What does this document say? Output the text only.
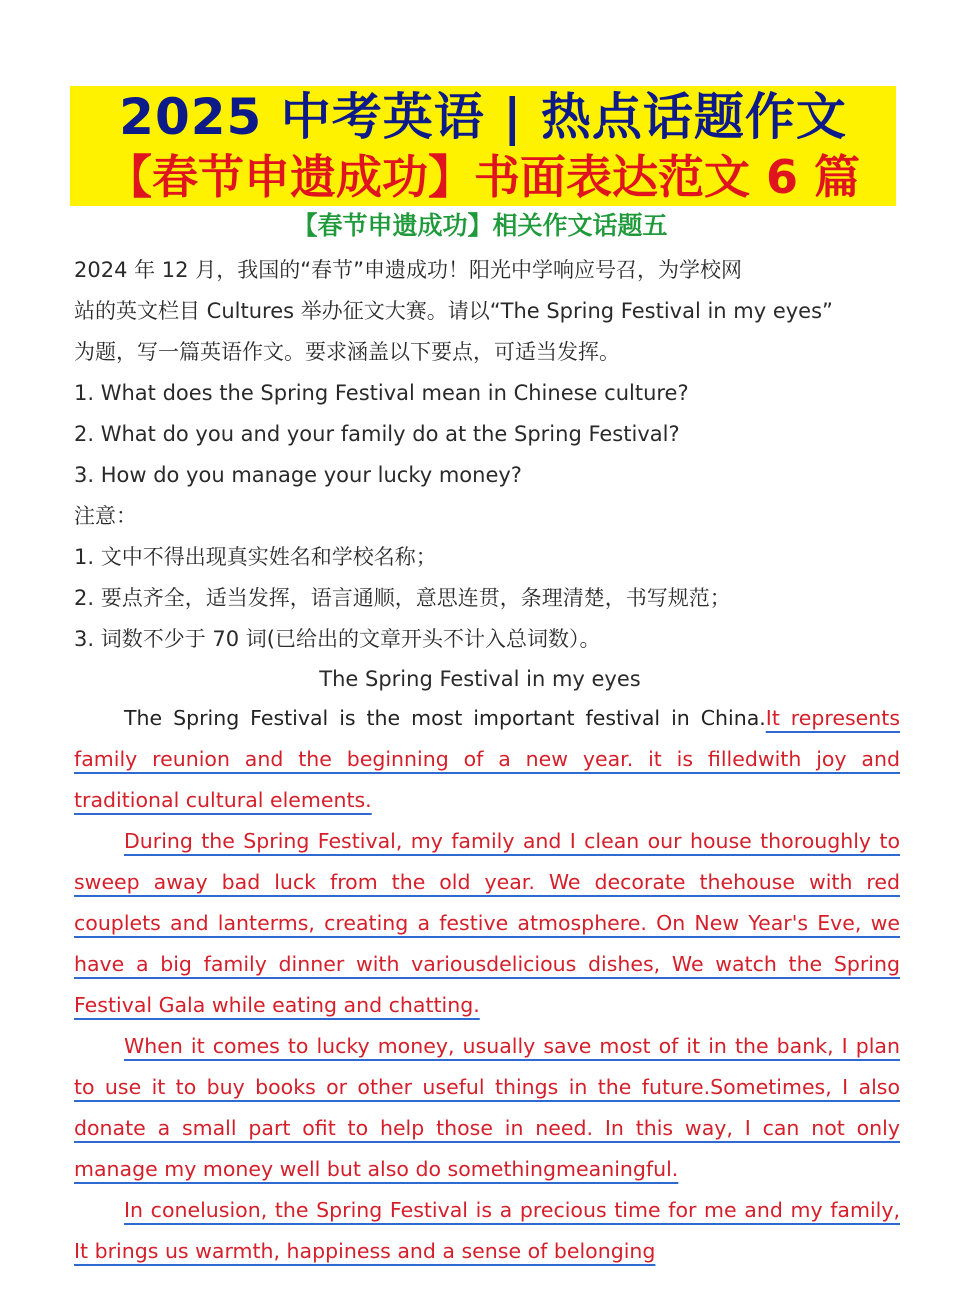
2025 中考英语 | 热点话题作文
【春节申遗成功】书面表达范文 6 篇
【春节申遗成功】相关作文话题五
2024 年 12 月，我国的“春节”申遗成功！阳光中学响应号召，为学校网
站的英文栏目 Cultures 举办征文大赛。请以“The Spring Festival in my eyes”
为题，写一篇英语作文。要求涵盖以下要点，可适当发挥。
1. What does the Spring Festival mean in Chinese culture?
2. What do you and your family do at the Spring Festival?
3. How do you manage your lucky money?
注意：
1. 文中不得出现真实姓名和学校名称；
2. 要点齐全，适当发挥，语言通顺，意思连贯，条理清楚，书写规范；
3. 词数不少于 70 词(已给出的文章开头不计入总词数）。
The Spring Festival in my eyes

The Spring Festival is the most important festival in China.It represents family reunion and the beginning of a new year. it is filledwith joy and traditional cultural elements.

During the Spring Festival, my family and I clean our house thoroughly to sweep away bad luck from the old year. We decorate thehouse with red couplets and lanterms, creating a festive atmosphere. On New Year's Eve, we have a big family dinner with variousdelicious dishes, We watch the Spring Festival Gala while eating and chatting.

When it comes to lucky money, usually save most of it in the bank, I plan to use it to buy books or other useful things in the future.Sometimes, I also donate a small part ofit to help those in need. In this way, I can not only manage my money well but also do somethingmeaningful.

In conelusion, the Spring Festival is a precious time for me and my family, It brings us warmth, happiness and a sense of belonging
